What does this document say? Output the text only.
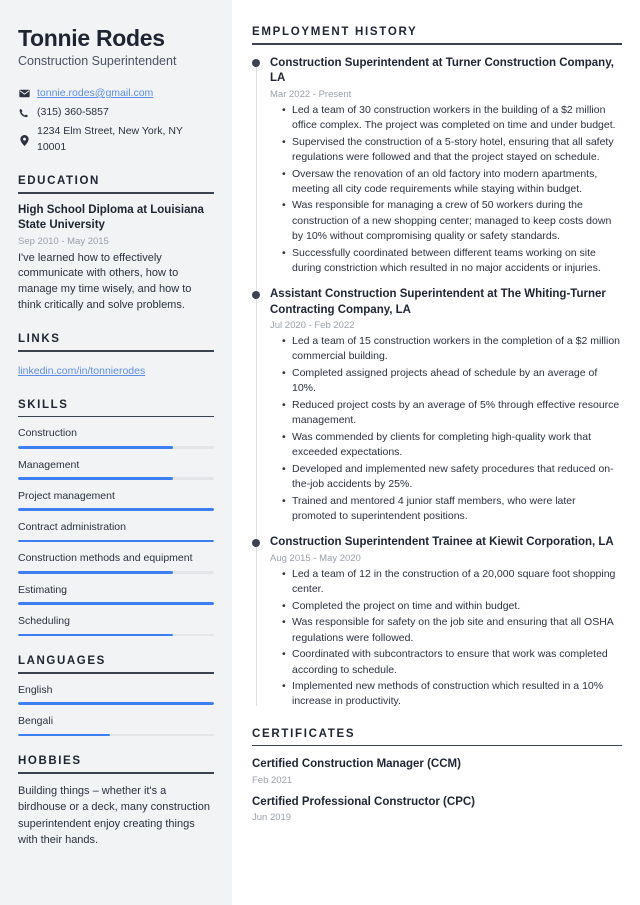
Tonnie Rodes
Construction Superintendent
tonnie.rodes@gmail.com
(315) 360-5857
1234 Elm Street, New York, NY 10001
EDUCATION
High School Diploma at Louisiana State University
Sep 2010 - May 2015
I've learned how to effectively communicate with others, how to manage my time wisely, and how to think critically and solve problems.
LINKS
linkedin.com/in/tonnierodes
SKILLS
Construction
Management
Project management
Contract administration
Construction methods and equipment
Estimating
Scheduling
LANGUAGES
English
Bengali
HOBBIES
Building things – whether it's a birdhouse or a deck, many construction superintendent enjoy creating things with their hands.
EMPLOYMENT HISTORY
Construction Superintendent at Turner Construction Company, LA
Mar 2022 - Present
• Led a team of 30 construction workers in the building of a $2 million office complex. The project was completed on time and under budget.
• Supervised the construction of a 5-story hotel, ensuring that all safety regulations were followed and that the project stayed on schedule.
• Oversaw the renovation of an old factory into modern apartments, meeting all city code requirements while staying within budget.
• Was responsible for managing a crew of 50 workers during the construction of a new shopping center; managed to keep costs down by 10% without compromising quality or safety standards.
• Successfully coordinated between different teams working on site during constriction which resulted in no major accidents or injuries.
Assistant Construction Superintendent at The Whiting-Turner Contracting Company, LA
Jul 2020 - Feb 2022
• Led a team of 15 construction workers in the completion of a $2 million commercial building.
• Completed assigned projects ahead of schedule by an average of 10%.
• Reduced project costs by an average of 5% through effective resource management.
• Was commended by clients for completing high-quality work that exceeded expectations.
• Developed and implemented new safety procedures that reduced on-the-job accidents by 25%.
• Trained and mentored 4 junior staff members, who were later promoted to superintendent positions.
Construction Superintendent Trainee at Kiewit Corporation, LA
Aug 2015 - May 2020
• Led a team of 12 in the construction of a 20,000 square foot shopping center.
• Completed the project on time and within budget.
• Was responsible for safety on the job site and ensuring that all OSHA regulations were followed.
• Coordinated with subcontractors to ensure that work was completed according to schedule.
• Implemented new methods of construction which resulted in a 10% increase in productivity.
CERTIFICATES
Certified Construction Manager (CCM)
Feb 2021
Certified Professional Constructor (CPC)
Jun 2019
